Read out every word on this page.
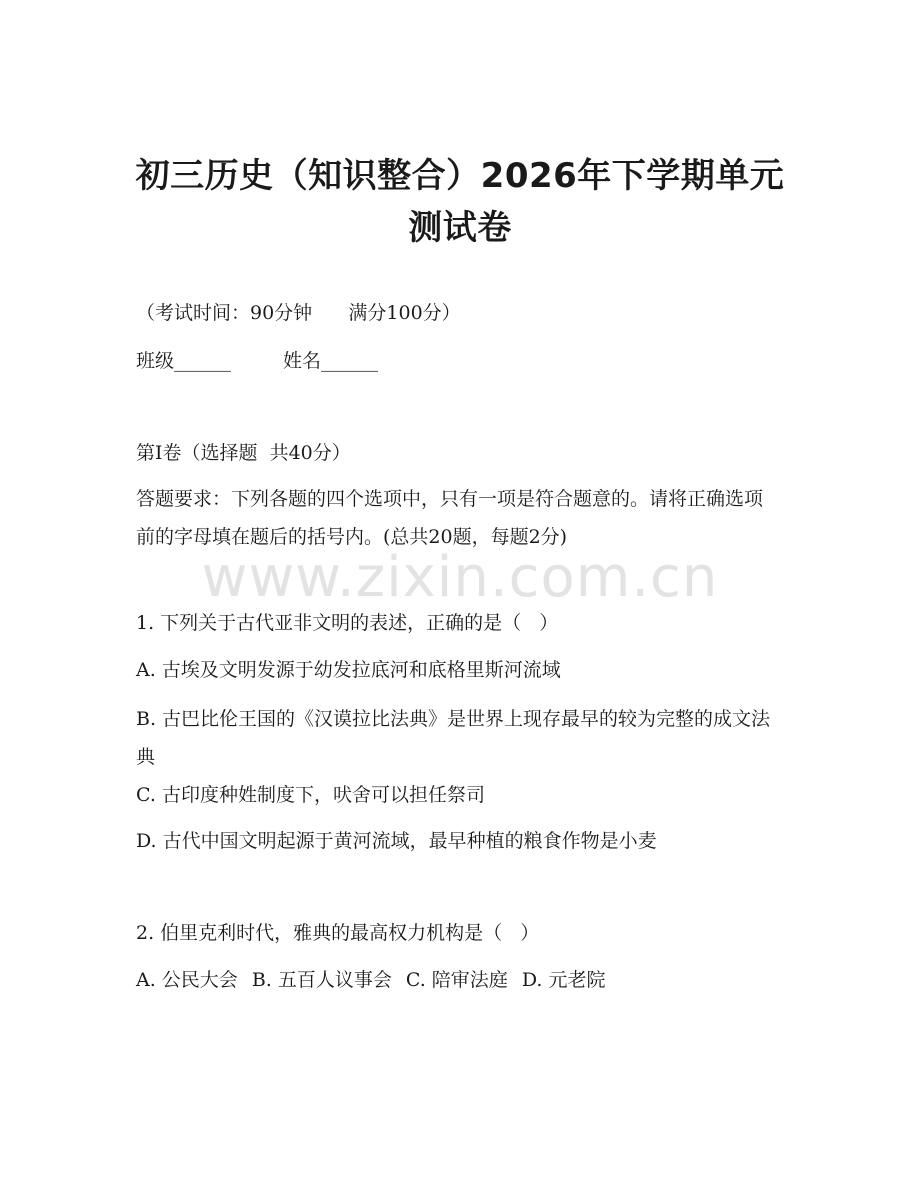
初三历史（知识整合）2026年下学期单元测试卷
（考试时间：90分钟      满分100分）
班级______	姓名______
第Ⅰ卷（选择题  共40分）
答题要求：下列各题的四个选项中，只有一项是符合题意的。请将正确选项前的字母填在题后的括号内。(总共20题，每题2分)
www.zixin.com.cn
1. 下列关于古代亚非文明的表述，正确的是（   ）
A. 古埃及文明发源于幼发拉底河和底格里斯河流域
B. 古巴比伦王国的《汉谟拉比法典》是世界上现存最早的较为完整的成文法典
C. 古印度种姓制度下，吠舍可以担任祭司
D. 古代中国文明起源于黄河流域，最早种植的粮食作物是小麦
2. 伯里克利时代，雅典的最高权力机构是（   ）
A. 公民大会 B. 五百人议事会 C. 陪审法庭 D. 元老院
